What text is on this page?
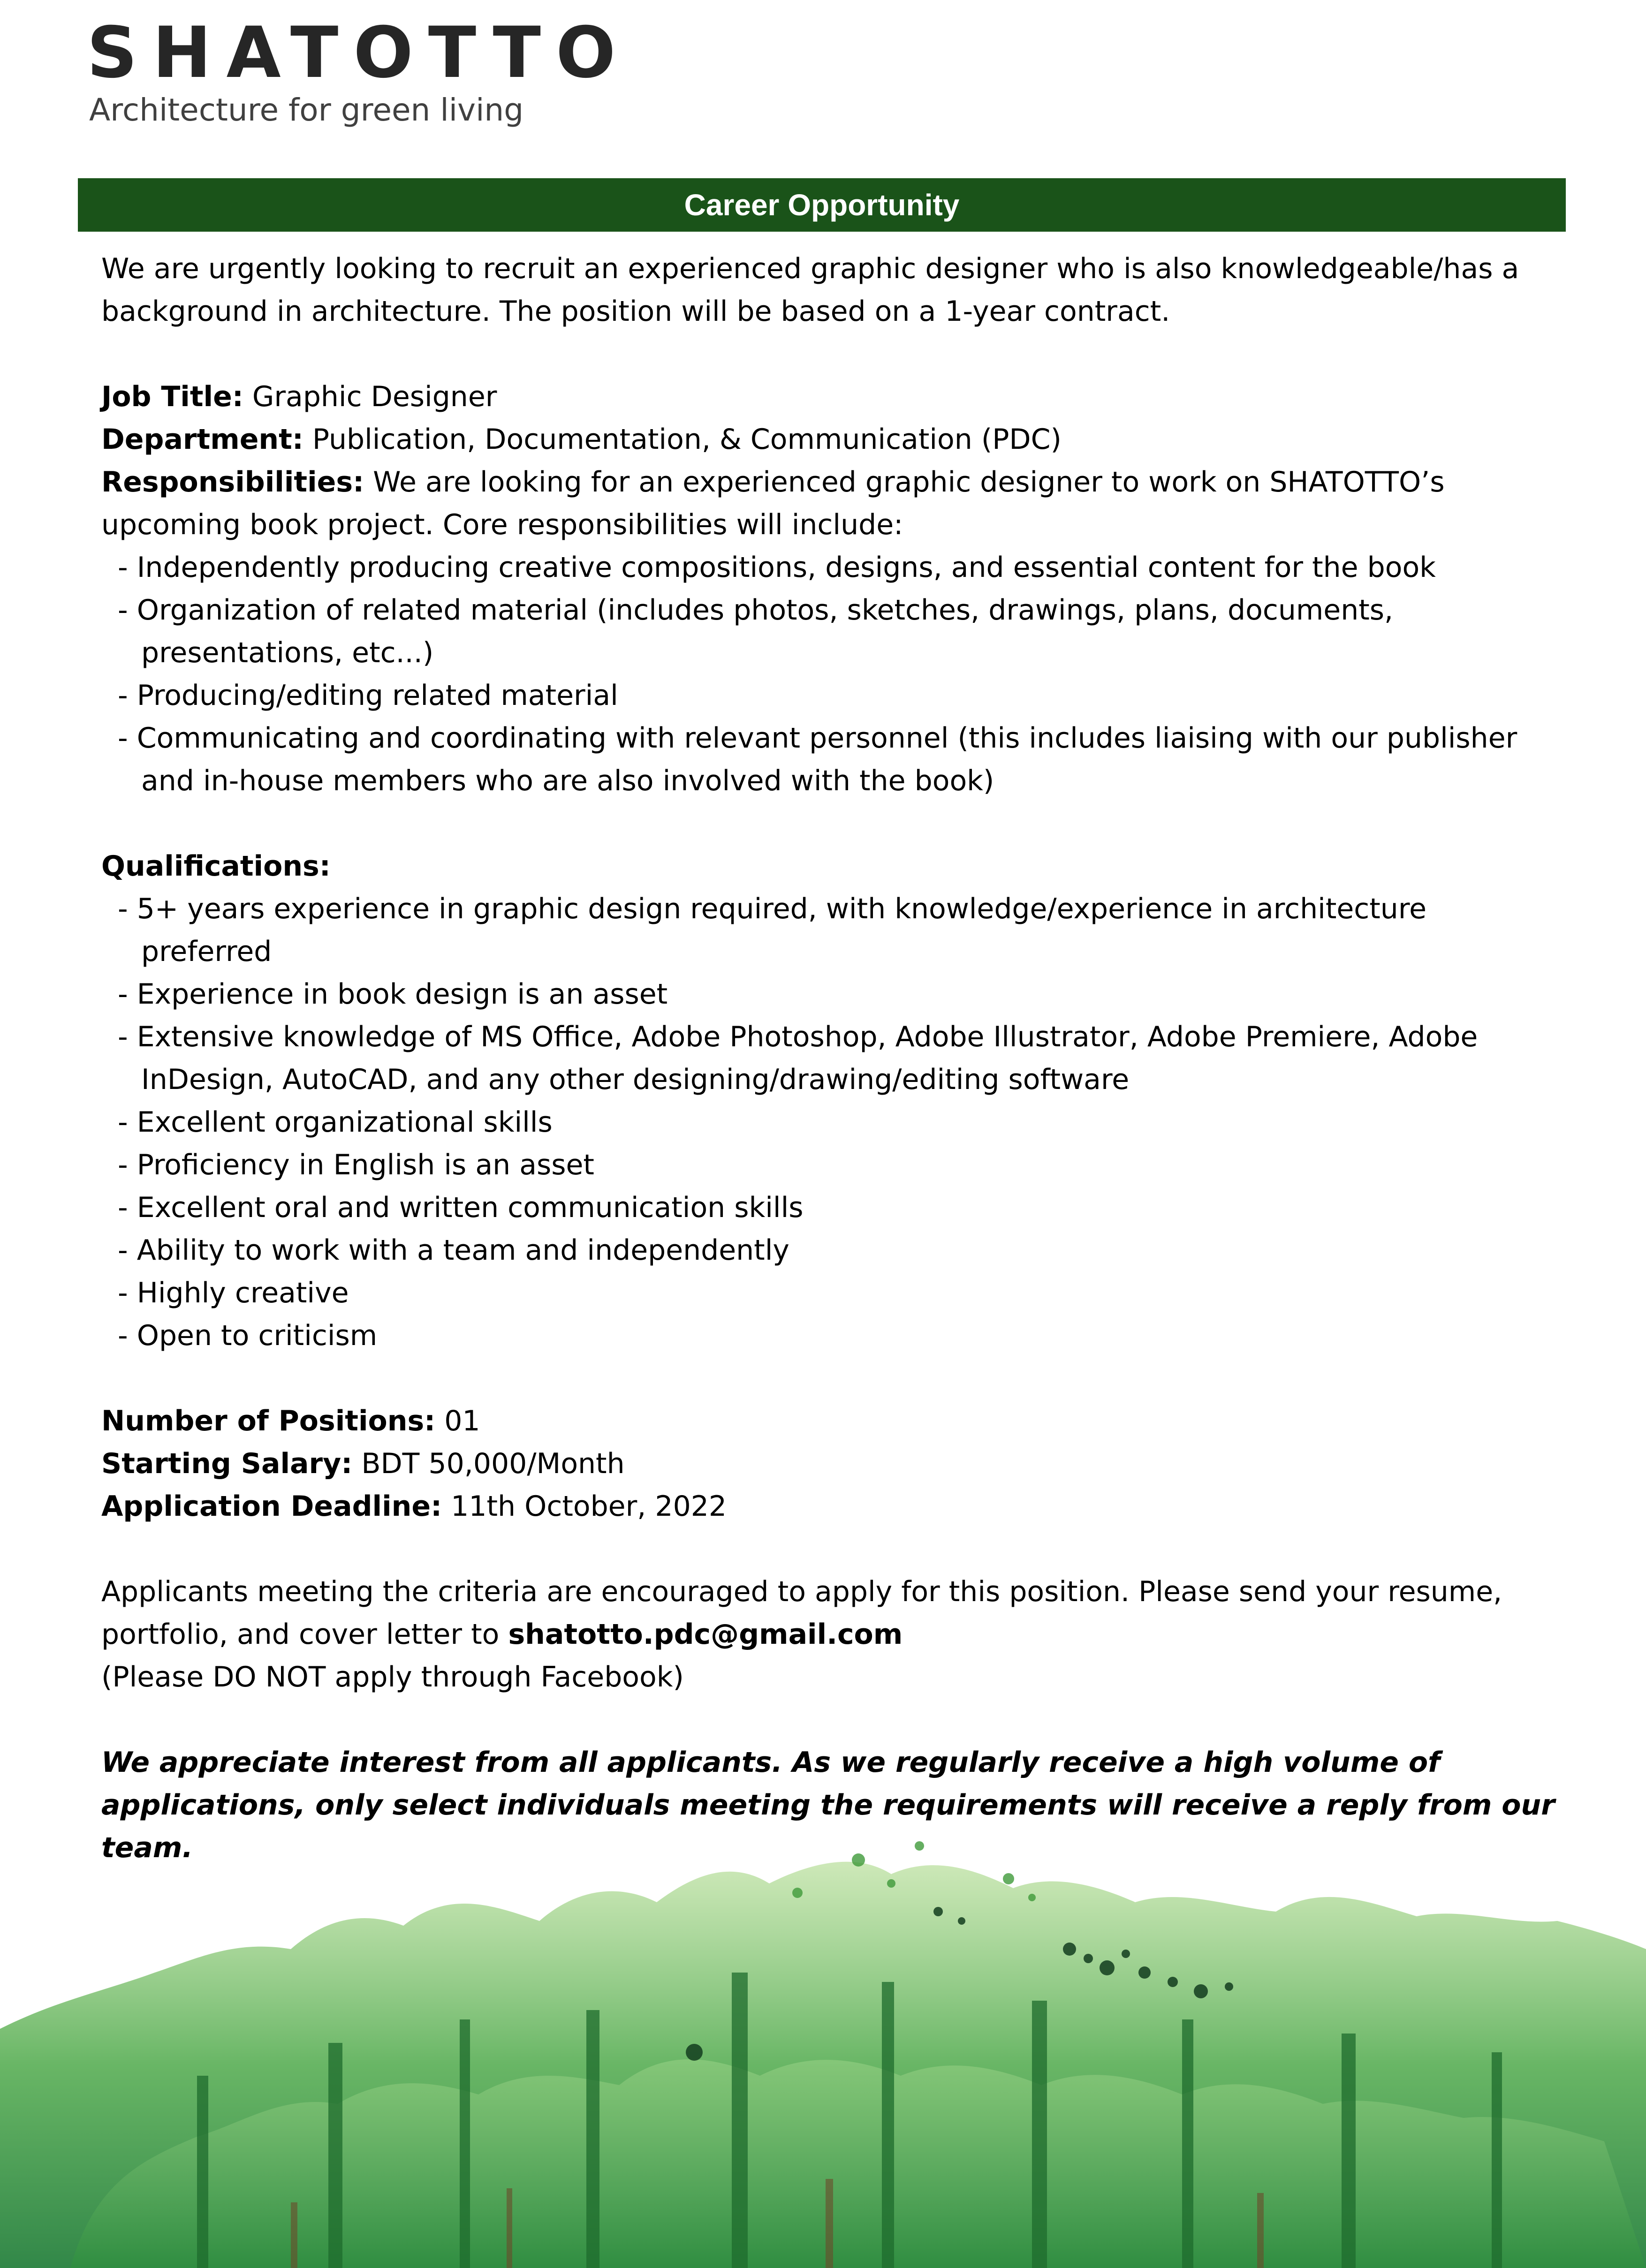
SHATOTTO
Architecture for green living
Career Opportunity

We are urgently looking to recruit an experienced graphic designer who is also knowledgeable/has a background in architecture. The position will be based on a 1-year contract.

Job Title: Graphic Designer

Department: Publication, Documentation, & Communication (PDC)

Responsibilities: We are looking for an experienced graphic designer to work on SHATOTTO’s upcoming book project. Core responsibilities will include:

- Independently producing creative compositions, designs, and essential content for the book
- Organization of related material (includes photos, sketches, drawings, plans, documents, presentations, etc...)
- Producing/editing related material
- Communicating and coordinating with relevant personnel (this includes liaising with our publisher and in-house members who are also involved with the book)

Qualifications:

- 5+ years experience in graphic design required, with knowledge/experience in architecture preferred
- Experience in book design is an asset
- Extensive knowledge of MS Office, Adobe Photoshop, Adobe Illustrator, Adobe Premiere, Adobe InDesign, AutoCAD, and any other designing/drawing/editing software
- Excellent organizational skills
- Proficiency in English is an asset
- Excellent oral and written communication skills
- Ability to work with a team and independently
- Highly creative
- Open to criticism

Number of Positions: 01

Starting Salary: BDT 50,000/Month

Application Deadline: 11th October, 2022

Applicants meeting the criteria are encouraged to apply for this position. Please send your resume, portfolio, and cover letter to shatotto.pdc@gmail.com

(Please DO NOT apply through Facebook)

We appreciate interest from all applicants. As we regularly receive a high volume of applications, only select individuals meeting the requirements will receive a reply from our team.
